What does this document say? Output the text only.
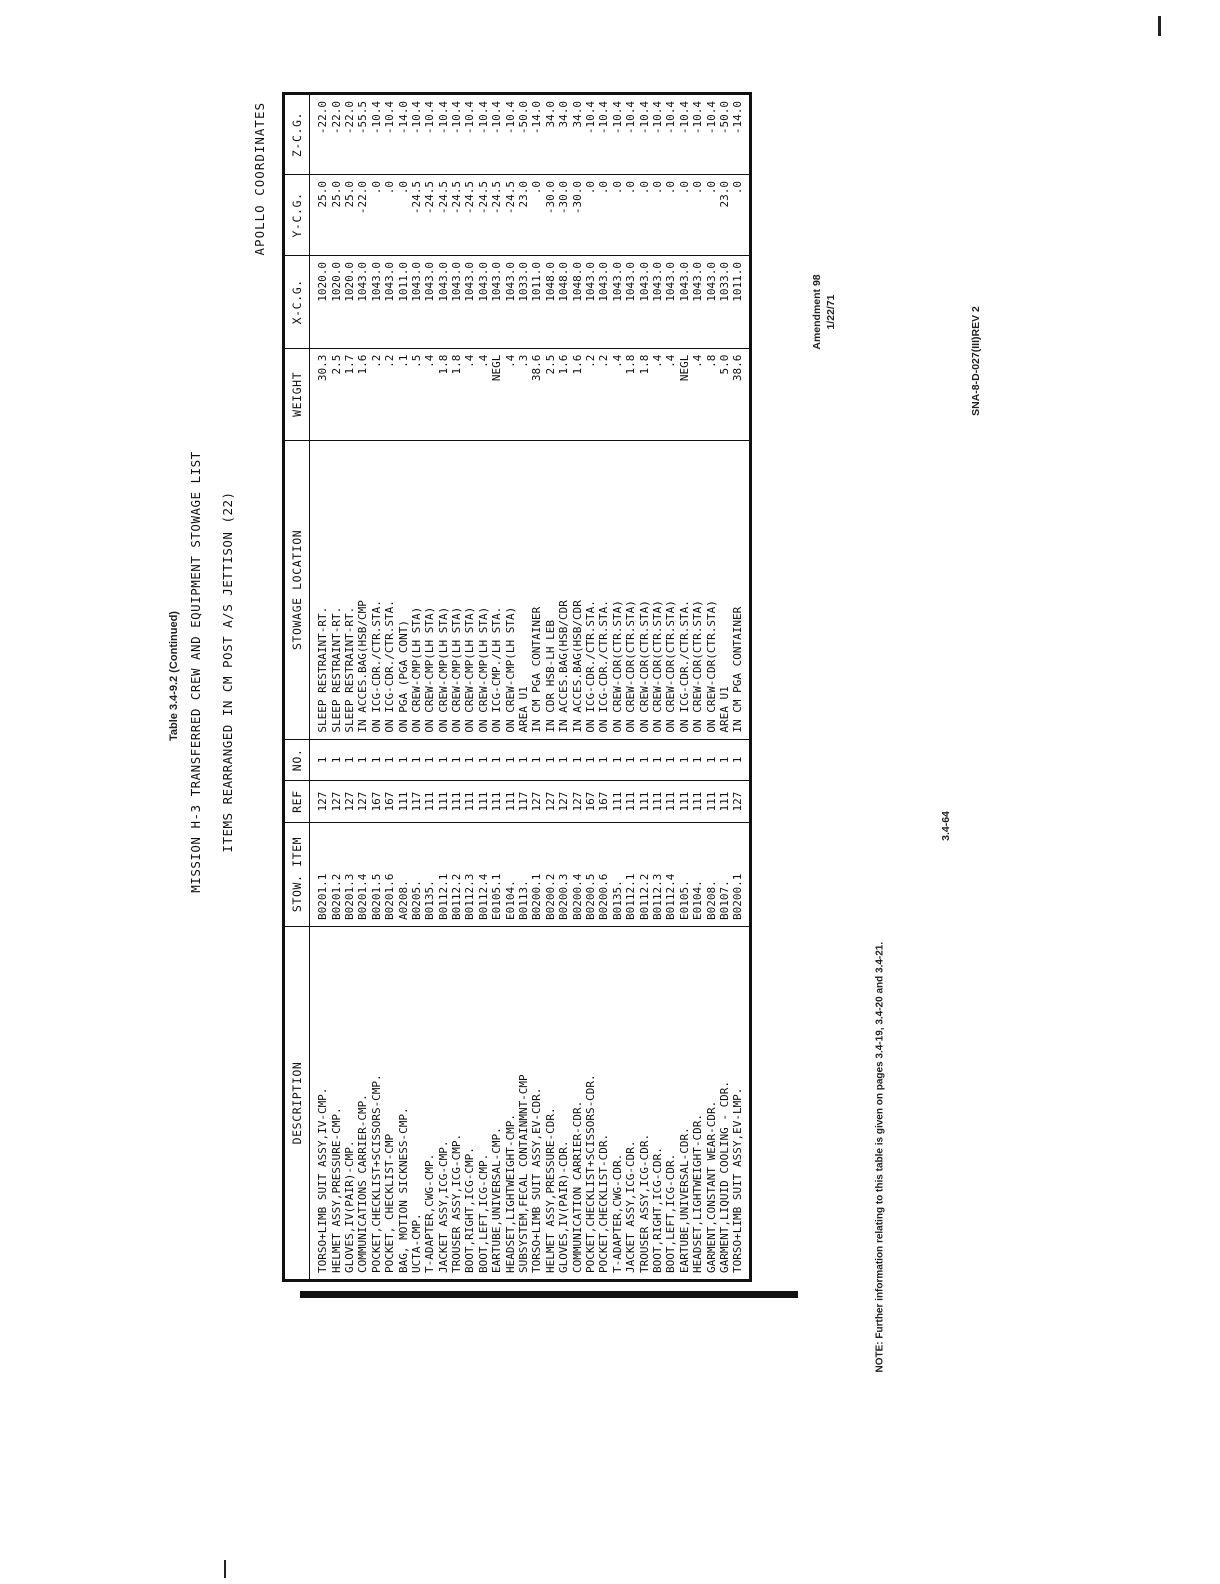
Amendment 98 1/22/71	SNA-8-D-027(III)REV 2
3.4-64
NOTE: Further information relating to this table is given on pages 3.4-19, 3.4-20 and 3.4-21.
Table 3.4-9.2 (Continued) MISSION H-3 TRANSFERRED CREW AND EQUIPMENT STOWAGE LIST ITEMS REARRANGED IN CM POST A/S JETTISON (22)
APOLLO COORDINATES
DESCRIPTION	STOW. ITEM	REF	NO.	STOWAGE LOCATION	WEIGHT	X-C.G.	Y-C.G.	Z-C.G.
TORSO+LIMB SUIT ASSY,IV-CMP.	B0201.1	127	1	SLEEP RESTRAINT-RT.	30.3	1020.0	25.0	-22.0
HELMET ASSY,PRESSURE-CMP.	B0201.2	127	1	SLEEP RESTRAINT-RT.	2.5	1020.0	25.0	-22.0
GLOVES,IV(PAIR)-CMP.	B0201.3	127	1	SLEEP RESTRAINT-RT.	1.7	1020.0	25.0	-22.0
COMMUNICATIONS CARRIER-CMP.	B0201.4	127	1	IN ACCES.BAG(HSB/CMP	1.6	1043.0	-22.0	-55.5
POCKET,CHECKLIST+SCISSORS-CMP.	B0201.5	167	1	ON ICG-CDR./CTR.STA.	.2	1043.0	.0	-10.4
POCKET, CHECKLIST-CMP	B0201.6	167	1	ON ICG-CDR./CTR.STA.	.2	1043.0	.0	-10.4
BAG, MOTION SICKNESS-CMP.	A0208.	111	1	ON PGA (PGA CONT)	.1	1011.0	.0	-14.0
UCTA-CMP.	B0205.	117	1	ON CREW-CMP(LH STA)	.5	1043.0	-24.5	-10.4
T-ADAPTER,CWG-CMP.	B0135.	111	1	ON CREW-CMP(LH STA)	.4	1043.0	-24.5	-10.4
JACKET ASSY,ICG-CMP.	B0112.1	111	1	ON CREW-CMP(LH STA)	1.8	1043.0	-24.5	-10.4
TROUSER ASSY,ICG-CMP.	B0112.2	111	1	ON CREW-CMP(LH STA)	1.8	1043.0	-24.5	-10.4
BOOT,RIGHT,ICG-CMP.	B0112.3	111	1	ON CREW-CMP(LH STA)	.4	1043.0	-24.5	-10.4
BOOT,LEFT,ICG-CMP.	B0112.4	111	1	ON CREW-CMP(LH STA)	.4	1043.0	-24.5	-10.4
EARTUBE,UNIVERSAL-CMP.	E0105.1	111	1	ON ICG-CMP./LH STA.	NEGL	1043.0	-24.5	-10.4
HEADSET,LIGHTWEIGHT-CMP.	E0104.	111	1	ON CREW-CMP(LH STA)	.4	1043.0	-24.5	-10.4
SUBSYSTEM,FECAL CONTAINMNT-CMP	B0113.	117	1	AREA U1	.3	1033.0	23.0	-50.0
TORSO+LIMB SUIT ASSY,EV-CDR.	B0200.1	127	1	IN CM PGA CONTAINER	38.6	1011.0	.0	-14.0
HELMET ASSY,PRESSURE-CDR.	B0200.2	127	1	IN CDR HSB-LH LEB	2.5	1048.0	-30.0	34.0
GLOVES,IV(PAIR)-CDR.	B0200.3	127	1	IN ACCES.BAG(HSB/CDR	1.6	1048.0	-30.0	34.0
COMMUNICATION CARRIER-CDR.	B0200.4	127	1	IN ACCES.BAG(HSB/CDR	1.6	1048.0	-30.0	34.0
POCKET,CHECKLIST+SCISSORS-CDR.	B0200.5	167	1	ON ICG-CDR./CTR.STA.	.2	1043.0	.0	-10.4
POCKET,CHECKLIST-CDR.	B0200.6	167	1	ON ICG-CDR./CTR.STA.	.2	1043.0	.0	-10.4
T-ADAPTER,CWG-CDR.	B0135.	111	1	ON CREW-CDR(CTR.STA)	.4	1043.0	.0	-10.4
JACKET ASSY,ICG-CDR.	B0112.1	111	1	ON CREW-CDR(CTR.STA)	1.8	1043.0	.0	-10.4
TROUSER ASSY,ICG-CDR.	B0112.2	111	1	ON CREW-CDR(CTR.STA)	1.8	1043.0	.0	-10.4
BOOT,RIGHT,ICG-CDR.	B0112.3	111	1	ON CREW-CDR(CTR.STA)	.4	1043.0	.0	-10.4
BOOT,LEFT,ICG-CDR.	B0112.4	111	1	ON CREW-CDR(CTR.STA)	.4	1043.0	.0	-10.4
EARTUBE,UNIVERSAL-CDR.	E0105.	111	1	ON ICG-CDR./CTR.STA.	NEGL	1043.0	.0	-10.4
HEADSET,LIGHTWEIGHT-CDR.	E0104.	111	1	ON CREW-CDR(CTR.STA)	.4	1043.0	.0	-10.4
GARMENT,CONSTANT WEAR-CDR.	B0208.	111	1	ON CREW-CDR(CTR.STA)	.8	1043.0	.0	-10.4
GARMENT,LIQUID COOLING - CDR.	B0107.	111	1	AREA U1	5.0	1033.0	23.0	-50.0
TORSO+LIMB SUIT ASSY,EV-LMP.	B0200.1	127	1	IN CM PGA CONTAINER	38.6	1011.0	.0	-14.0
